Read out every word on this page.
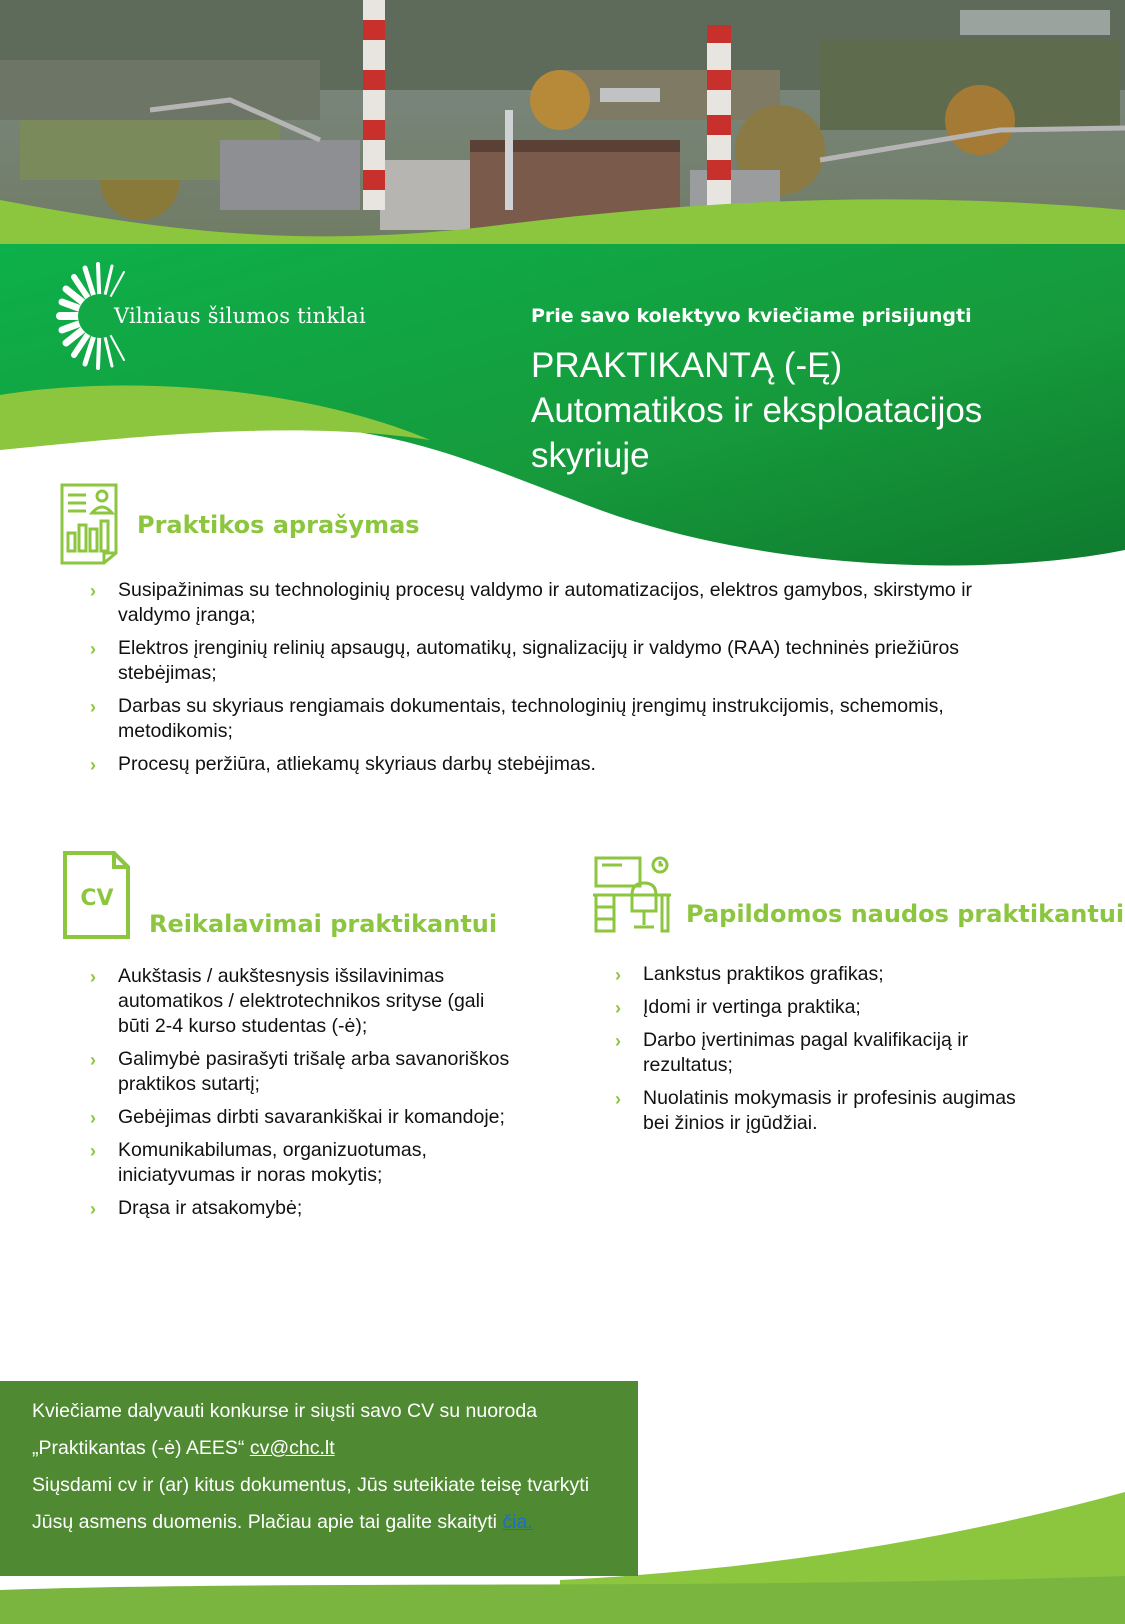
Vilniaus šilumos tinklai	Prie savo kolektyvo kviečiame prisijungti
PRAKTIKANTĄ (-Ę)
Automatikos ir eksploatacijos
skyriuje
Praktikos aprašymas
› Susipažinimas su technologinių procesų valdymo ir automatizacijos, elektros gamybos, skirstymo ir valdymo įranga;
› Elektros įrenginių relinių apsaugų, automatikų, signalizacijų ir valdymo (RAA) techninės priežiūros stebėjimas;
› Darbas su skyriaus rengiamais dokumentais, technologinių įrengimų instrukcijomis, schemomis, metodikomis;
› Procesų peržiūra, atliekamų skyriaus darbų stebėjimas.
CV
Reikalavimai praktikantui
› Aukštasis / aukštesnysis išsilavinimas automatikos / elektrotechnikos srityse (gali būti 2-4 kurso studentas (-ė);
› Galimybė pasirašyti trišalę arba savanoriškos praktikos sutartį;
› Gebėjimas dirbti savarankiškai ir komandoje;
› Komunikabilumas, organizuotumas, iniciatyvumas ir noras mokytis;
› Drąsa ir atsakomybė;
Papildomos naudos praktikantui
› Lankstus praktikos grafikas;
› Įdomi ir vertinga praktika;
› Darbo įvertinimas pagal kvalifikaciją ir rezultatus;
› Nuolatinis mokymasis ir profesinis augimas bei žinios ir įgūdžiai.
Kviečiame dalyvauti konkurse ir siųsti savo CV su nuoroda
„Praktikantas (-ė) AEES“ cv@chc.lt
Siųsdami cv ir (ar) kitus dokumentus, Jūs suteikiate teisę tvarkyti
Jūsų asmens duomenis. Plačiau apie tai galite skaityti čia.
